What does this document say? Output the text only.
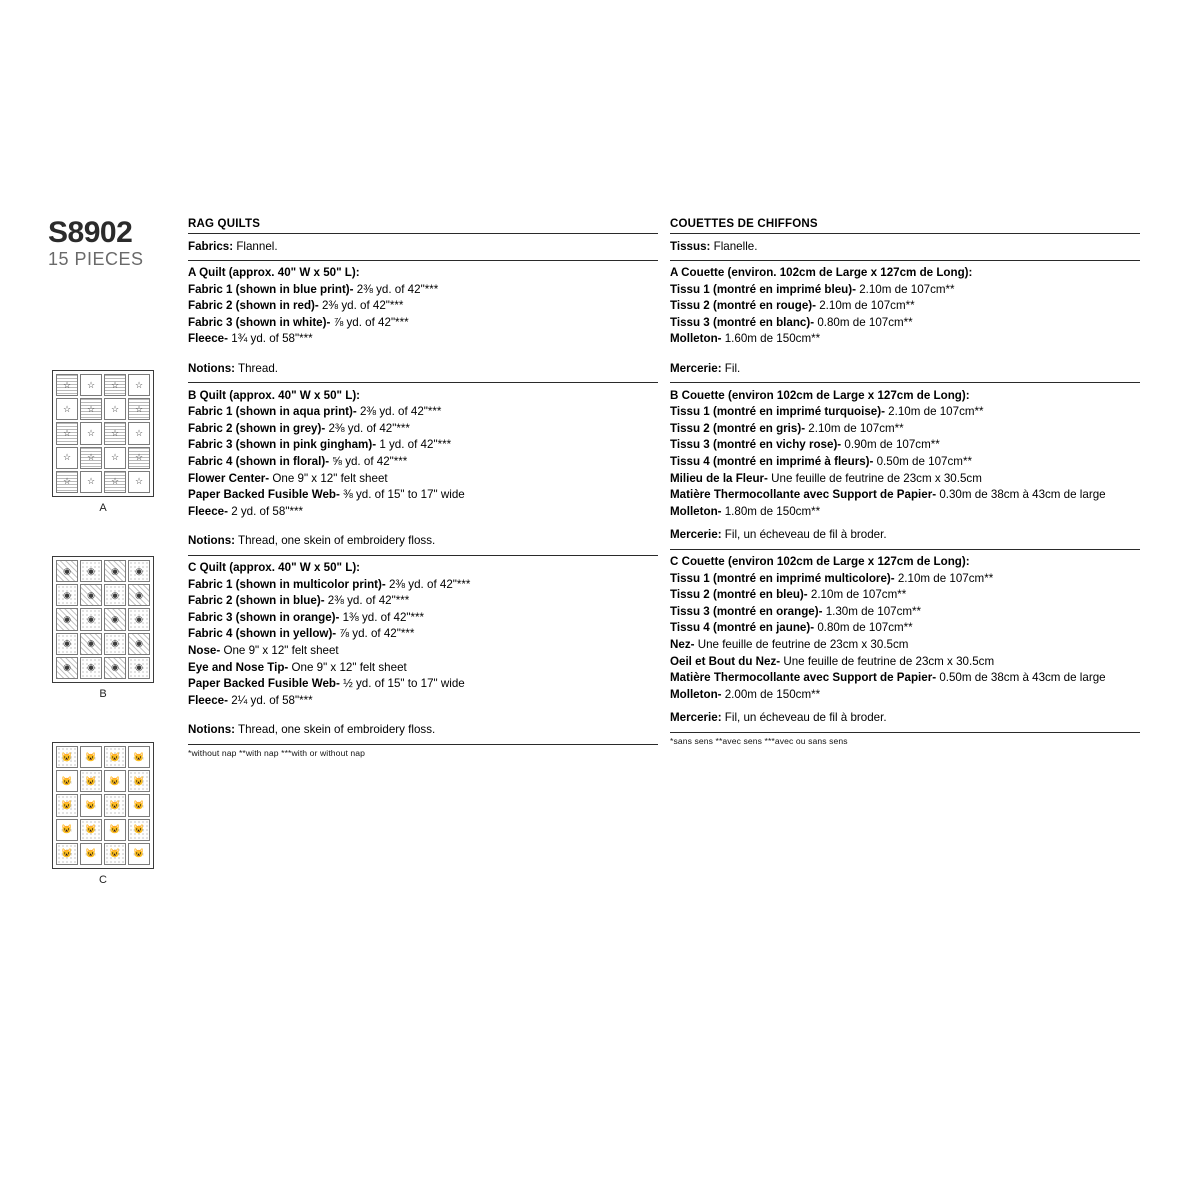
S8902
15 PIECES
☆	☆	☆	☆
☆	☆	☆	☆
☆	☆	☆	☆
☆	☆	☆	☆
☆	☆	☆	☆
A
◉	◉	◉	◉
◉	◉	◉	◉
◉	◉	◉	◉
◉	◉	◉	◉
◉	◉	◉	◉
B
😺	😺	😺	😺
😺	😺	😺	😺
😺	😺	😺	😺
😺	😺	😺	😺
😺	😺	😺	😺
C
RAG QUILTS
Fabrics: Flannel.
A Quilt (approx. 40" W x 50" L):
Fabric 1 (shown in blue print)- 2⅜ yd. of 42"***
Fabric 2 (shown in red)- 2⅜ yd. of 42"***
Fabric 3 (shown in white)- ⅞ yd. of 42"***
Fleece- 1¾ yd. of 58"***
Notions: Thread.
B Quilt (approx. 40" W x 50" L):
Fabric 1 (shown in aqua print)- 2⅜ yd. of 42"***
Fabric 2 (shown in grey)- 2⅜ yd. of 42"***
Fabric 3 (shown in pink gingham)- 1 yd. of 42"***
Fabric 4 (shown in floral)- ⅝ yd. of 42"***
Flower Center- One 9" x 12" felt sheet
Paper Backed Fusible Web- ⅜ yd. of 15" to 17" wide
Fleece- 2 yd. of 58"***
Notions: Thread, one skein of embroidery floss.
C Quilt (approx. 40" W x 50" L):
Fabric 1 (shown in multicolor print)- 2⅜ yd. of 42"***
Fabric 2 (shown in blue)- 2⅜ yd. of 42"***
Fabric 3 (shown in orange)- 1⅜ yd. of 42"***
Fabric 4 (shown in yellow)- ⅞ yd. of 42"***
Nose- One 9" x 12" felt sheet
Eye and Nose Tip- One 9" x 12" felt sheet
Paper Backed Fusible Web- ½ yd. of 15" to 17" wide
Fleece- 2¼ yd. of 58"***
Notions: Thread, one skein of embroidery floss.
*without nap **with nap ***with or without nap
COUETTES DE CHIFFONS
Tissus: Flanelle.
A Couette (environ. 102cm de Large x 127cm de Long):
Tissu 1 (montré en imprimé bleu)- 2.10m de 107cm**
Tissu 2 (montré en rouge)- 2.10m de 107cm**
Tissu 3 (montré en blanc)- 0.80m de 107cm**
Molleton- 1.60m de 150cm**
Mercerie: Fil.
B Couette (environ 102cm de Large x 127cm de Long):
Tissu 1 (montré en imprimé turquoise)- 2.10m de 107cm**
Tissu 2 (montré en gris)- 2.10m de 107cm**
Tissu 3 (montré en vichy rose)- 0.90m de 107cm**
Tissu 4 (montré en imprimé à fleurs)- 0.50m de 107cm**
Milieu de la Fleur- Une feuille de feutrine de 23cm x 30.5cm
Matière Thermocollante avec Support de Papier- 0.30m de 38cm à 43cm de large
Molleton- 1.80m de 150cm**
Mercerie: Fil, un écheveau de fil à broder.
C Couette (environ 102cm de Large x 127cm de Long):
Tissu 1 (montré en imprimé multicolore)- 2.10m de 107cm**
Tissu 2 (montré en bleu)- 2.10m de 107cm**
Tissu 3 (montré en orange)- 1.30m de 107cm**
Tissu 4 (montré en jaune)- 0.80m de 107cm**
Nez- Une feuille de feutrine de 23cm x 30.5cm
Oeil et Bout du Nez- Une feuille de feutrine de 23cm x 30.5cm
Matière Thermocollante avec Support de Papier- 0.50m de 38cm à 43cm de large
Molleton- 2.00m de 150cm**
Mercerie: Fil, un écheveau de fil à broder.
*sans sens **avec sens ***avec ou sans sens
